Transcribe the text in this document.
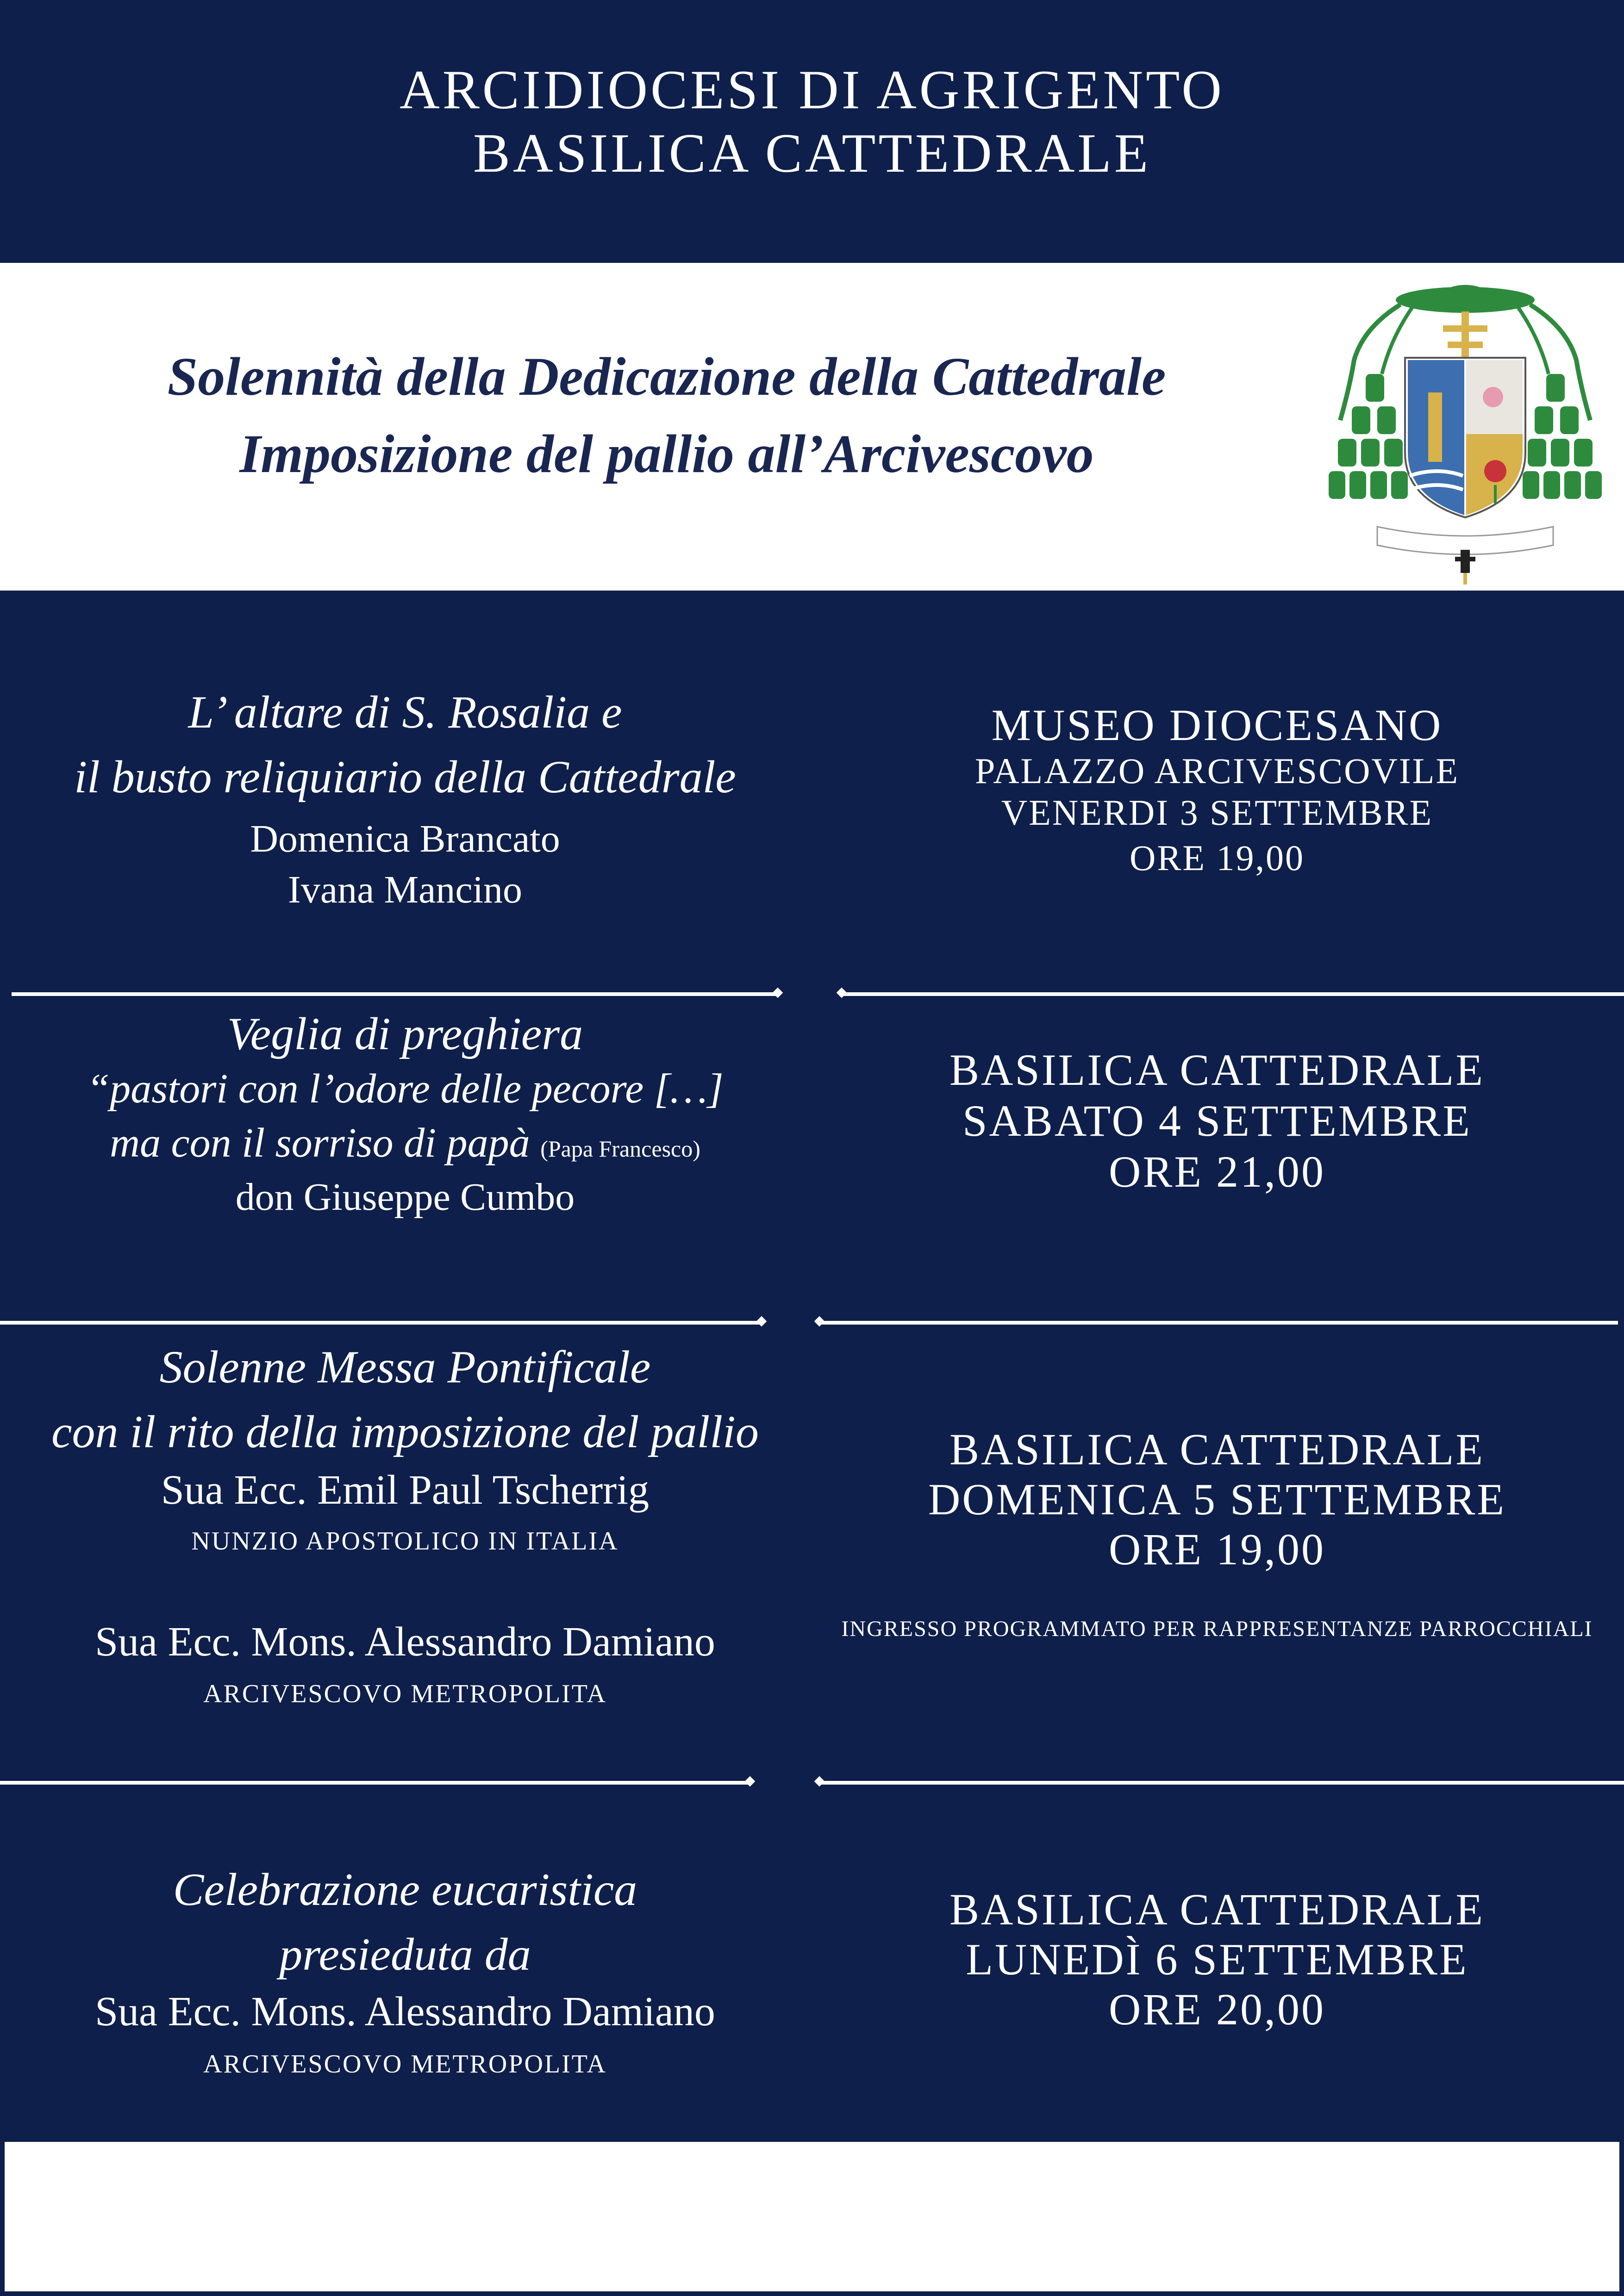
ARCIDIOCESI DI AGRIGENTO
BASILICA CATTEDRALE
Solennità della Dedicazione della Cattedrale
Imposizione del pallio all’Arcivescovo
L’ altare di S. Rosalia e
il busto reliquiario della Cattedrale
Domenica Brancato
Ivana Mancino
MUSEO DIOCESANO
PALAZZO ARCIVESCOVILE
VENERDI 3 SETTEMBRE
ORE 19,00
Veglia di preghiera
“pastori con l’odore delle pecore […]
ma con il sorriso di papà (Papa Francesco)
don Giuseppe Cumbo
BASILICA CATTEDRALE
SABATO 4 SETTEMBRE
ORE 21,00
Solenne Messa Pontificale
con il rito della imposizione del pallio
Sua Ecc. Emil Paul Tscherrig
NUNZIO APOSTOLICO IN ITALIA
Sua Ecc. Mons. Alessandro Damiano
ARCIVESCOVO METROPOLITA
BASILICA CATTEDRALE
DOMENICA 5 SETTEMBRE
ORE 19,00
INGRESSO PROGRAMMATO PER RAPPRESENTANZE PARROCCHIALI
Celebrazione eucaristica
presieduta da
Sua Ecc. Mons. Alessandro Damiano
ARCIVESCOVO METROPOLITA
BASILICA CATTEDRALE
LUNEDÌ 6 SETTEMBRE
ORE 20,00
